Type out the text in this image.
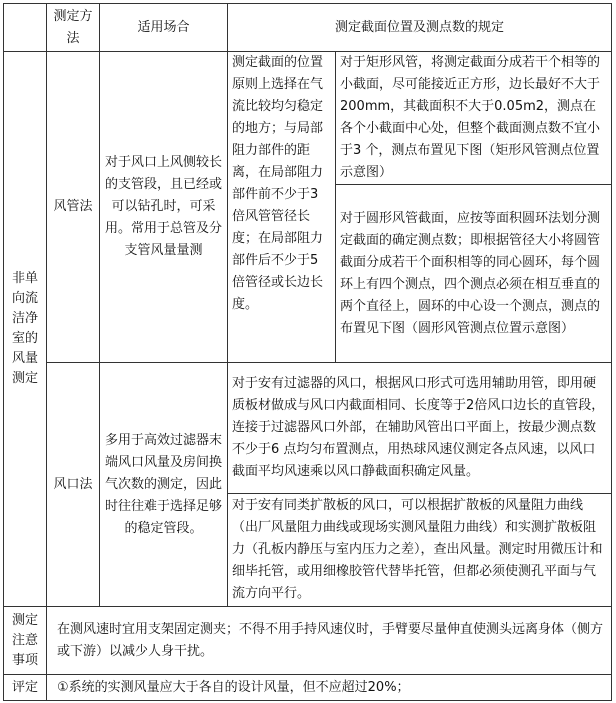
	测定方法	适用场合	测定截面位置及测点数的规定	
非单向流洁净室的风量测定	风管法	对于风口上风侧较长的支管段，且已经或可以钻孔时，可采用。常用于总管及分支管风量量测	测定截面的位置原则上选择在气流比较均匀稳定的地方；与局部阻力部件的距离，在局部阻力部件前不少于3 倍风管管径长度；在局部阻力部件后不少于5 倍管径或长边长度。	对于矩形风管，将测定截面分成若干个相等的小截面，尽可能接近正方形，边长最好不大于200mm，其截面积不大于0.05m2，测点在各个小截面中心处，但整个截面测点数不宜小于3 个，测点布置见下图（矩形风管测点位置示意图）
				对于圆形风管截面，应按等面积圆环法划分测定截面的确定测点数；即根据管径大小将圆管截面分成若干个面积相等的同心圆环，每个圆环上有四个测点，四个测点必须在相互垂直的两个直径上，圆环的中心设一个测点，测点的布置见下图（圆形风管测点位置示意图）
	风口法	多用于高效过滤器末端风口风量及房间换气次数的测定，因此时往往难于选择足够的稳定管段。	对于安有过滤器的风口，根据风口形式可选用辅助用管，即用硬质板材做成与风口内截面相同、长度等于2倍风口边长的直管段，连接于过滤器风口外部，在辅助风管出口平面上，按最少测点数不少于6 点均匀布置测点，用热球风速仪测定各点风速，以风口截面平均风速乘以风口静截面积确定风量。	
			对于安有同类扩散板的风口，可以根据扩散板的风量阻力曲线（出厂风量阻力曲线或现场实测风量阻力曲线）和实测扩散板阻力（孔板内静压与室内压力之差），查出风量。测定时用微压计和细毕托管，或用细橡胶管代替毕托管，但都必须使测孔平面与气流方向平行。	
测定注意事项	在测风速时宜用支架固定测夹；不得不用手持风速仪时，手臂要尽量伸直使测头远离身体（侧方或下游）以减少人身干扰。			
评定	①系统的实测风量应大于各自的设计风量，但不应超过20%；			
